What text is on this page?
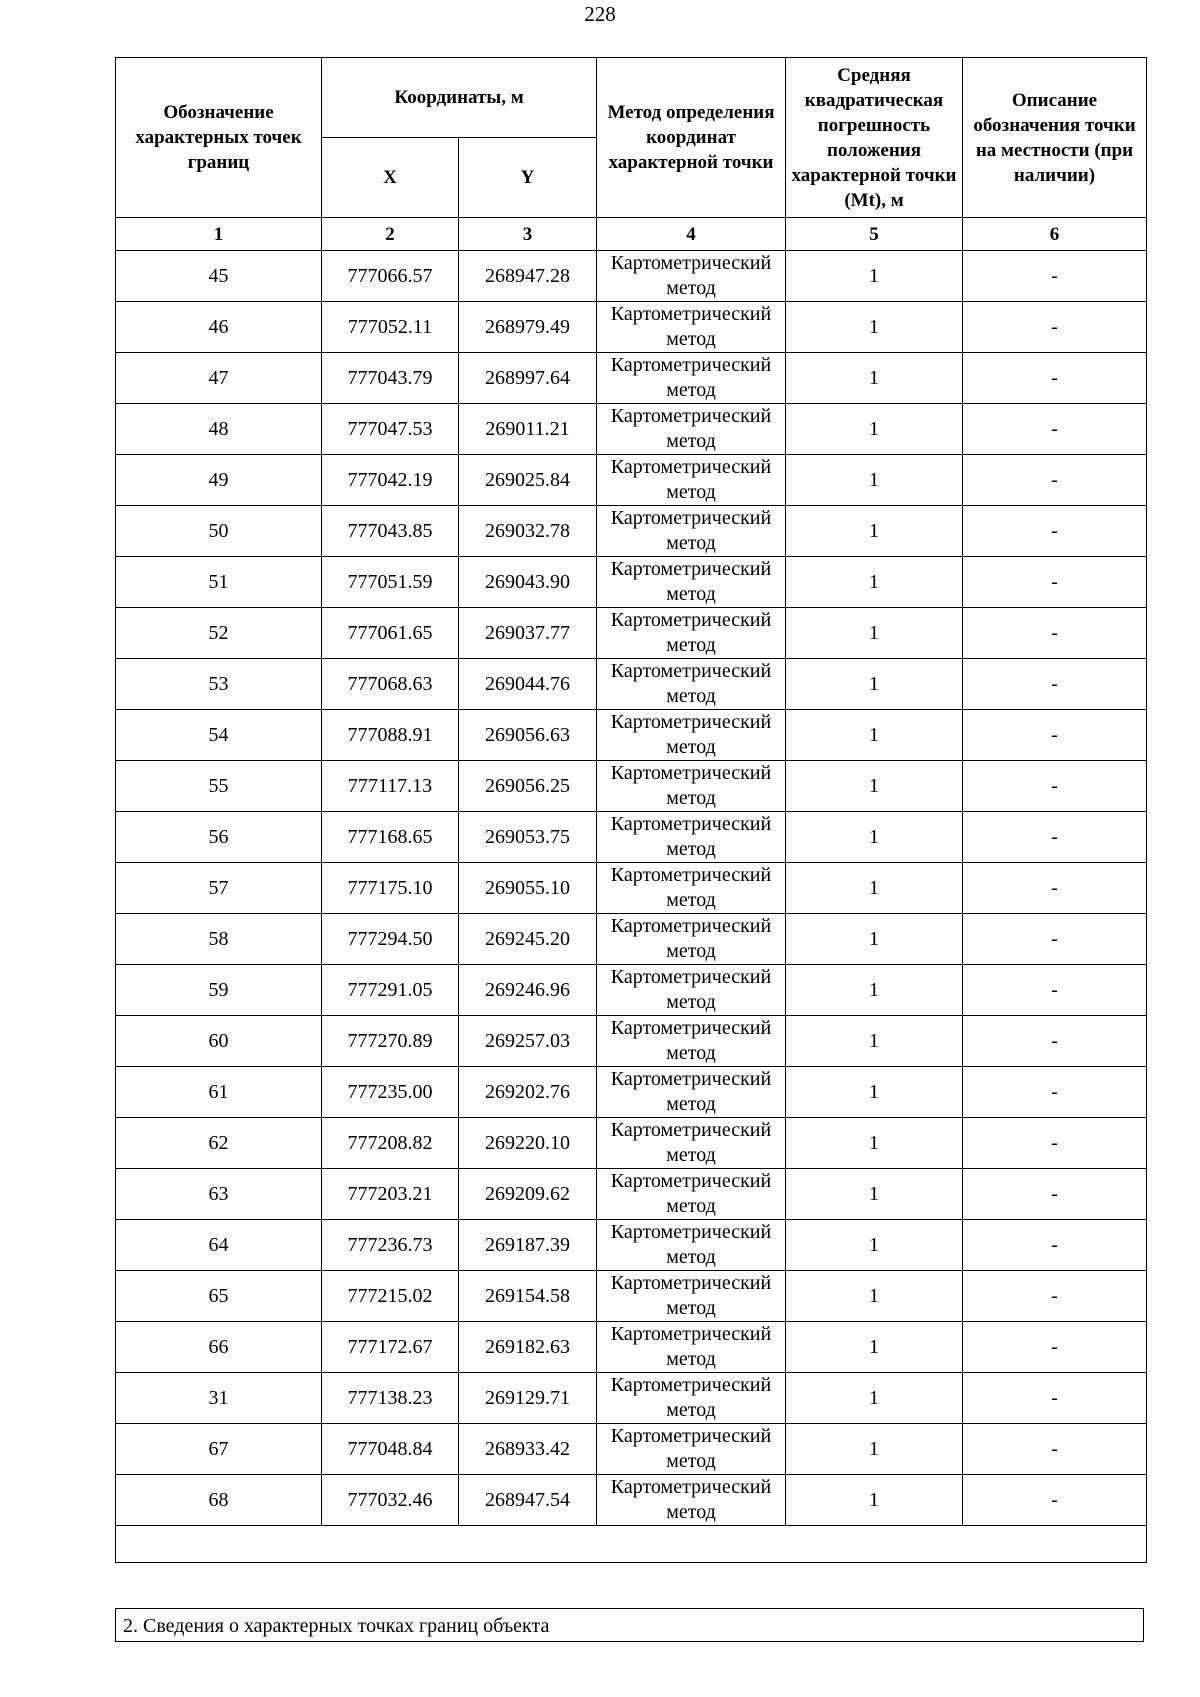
228
Обозначение характерных точек границ	Координаты, м		Метод определения координат характерной точки	Средняя квадратическая погрешность положения характерной точки (Mt), м	Описание обозначения точки на местности (при наличии)
	X	Y			
1	2	3	4	5	6
45	777066.57	268947.28	Картометрический метод	1	-
46	777052.11	268979.49	Картометрический метод	1	-
47	777043.79	268997.64	Картометрический метод	1	-
48	777047.53	269011.21	Картометрический метод	1	-
49	777042.19	269025.84	Картометрический метод	1	-
50	777043.85	269032.78	Картометрический метод	1	-
51	777051.59	269043.90	Картометрический метод	1	-
52	777061.65	269037.77	Картометрический метод	1	-
53	777068.63	269044.76	Картометрический метод	1	-
54	777088.91	269056.63	Картометрический метод	1	-
55	777117.13	269056.25	Картометрический метод	1	-
56	777168.65	269053.75	Картометрический метод	1	-
57	777175.10	269055.10	Картометрический метод	1	-
58	777294.50	269245.20	Картометрический метод	1	-
59	777291.05	269246.96	Картометрический метод	1	-
60	777270.89	269257.03	Картометрический метод	1	-
61	777235.00	269202.76	Картометрический метод	1	-
62	777208.82	269220.10	Картометрический метод	1	-
63	777203.21	269209.62	Картометрический метод	1	-
64	777236.73	269187.39	Картометрический метод	1	-
65	777215.02	269154.58	Картометрический метод	1	-
66	777172.67	269182.63	Картометрический метод	1	-
31	777138.23	269129.71	Картометрический метод	1	-
67	777048.84	268933.42	Картометрический метод	1	-
68	777032.46	268947.54	Картометрический метод	1	-

2. Сведения о характерных точках границ объекта
